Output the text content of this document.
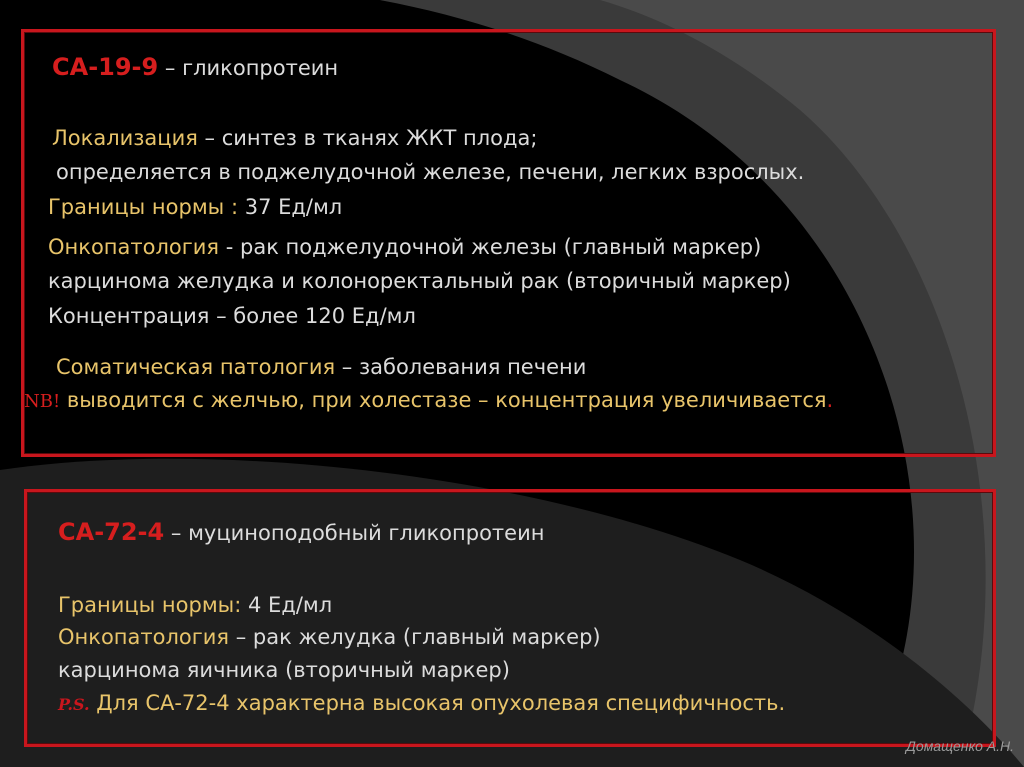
СА-19-9 – гликопротеин
Локализация – синтез в тканях ЖКТ плода;
определяется в поджелудочной железе, печени, легких взрослых.
Границы нормы : 37 Ед/мл
Онкопатология - рак поджелудочной железы (главный маркер)
карцинома желудка и колоноректальный рак (вторичный маркер)
Концентрация – более 120 Ед/мл
Соматическая патология – заболевания печени
NB! выводится с желчью, при холестазе – концентрация увеличивается.
СА-72-4 – муциноподобный гликопротеин
Границы нормы: 4 Ед/мл
Онкопатология – рак желудка (главный маркер)
карцинома яичника (вторичный маркер)
P.S. Для СА-72-4 характерна высокая опухолевая специфичность.
Домащенко А.Н.
